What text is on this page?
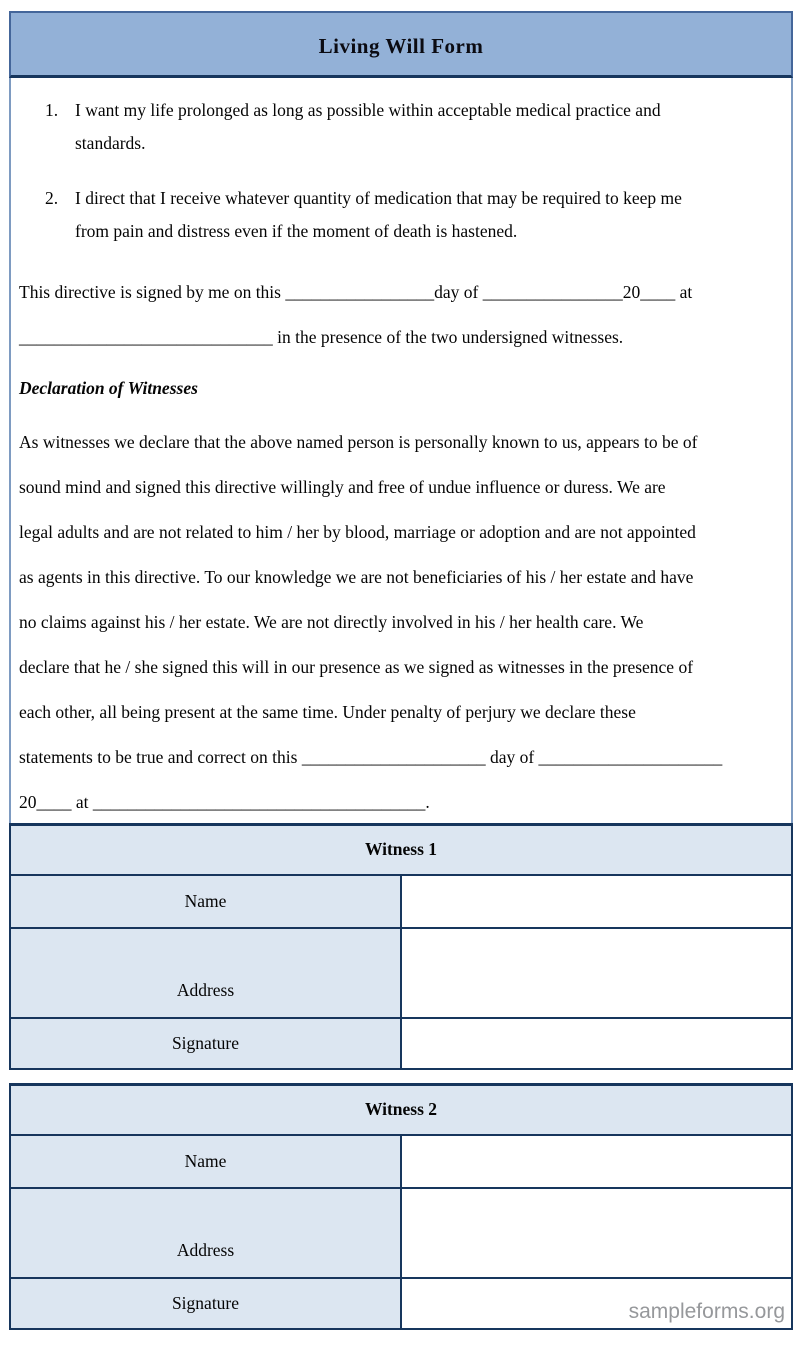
Living Will Form
1. I want my life prolonged as long as possible within acceptable medical practice and
standards.
2. I direct that I receive whatever quantity of medication that may be required to keep me
from pain and distress even if the moment of death is hastened.
This directive is signed by me on this _________________day of ________________20____ at
_____________________________ in the presence of the two undersigned witnesses.
Declaration of Witnesses
As witnesses we declare that the above named person is personally known to us, appears to be of
sound mind and signed this directive willingly and free of undue influence or duress. We are
legal adults and are not related to him / her by blood, marriage or adoption and are not appointed
as agents in this directive. To our knowledge we are not beneficiaries of his / her estate and have
no claims against his / her estate. We are not directly involved in his / her health care. We
declare that he / she signed this will in our presence as we signed as witnesses in the presence of
each other, all being present at the same time. Under penalty of perjury we declare these
statements to be true and correct on this _____________________ day of _____________________
20____ at ______________________________________.
Witness 1	
Name	
Address	
Signature	
Witness 2	
Name	
Address	
Signature	sampleforms.org
